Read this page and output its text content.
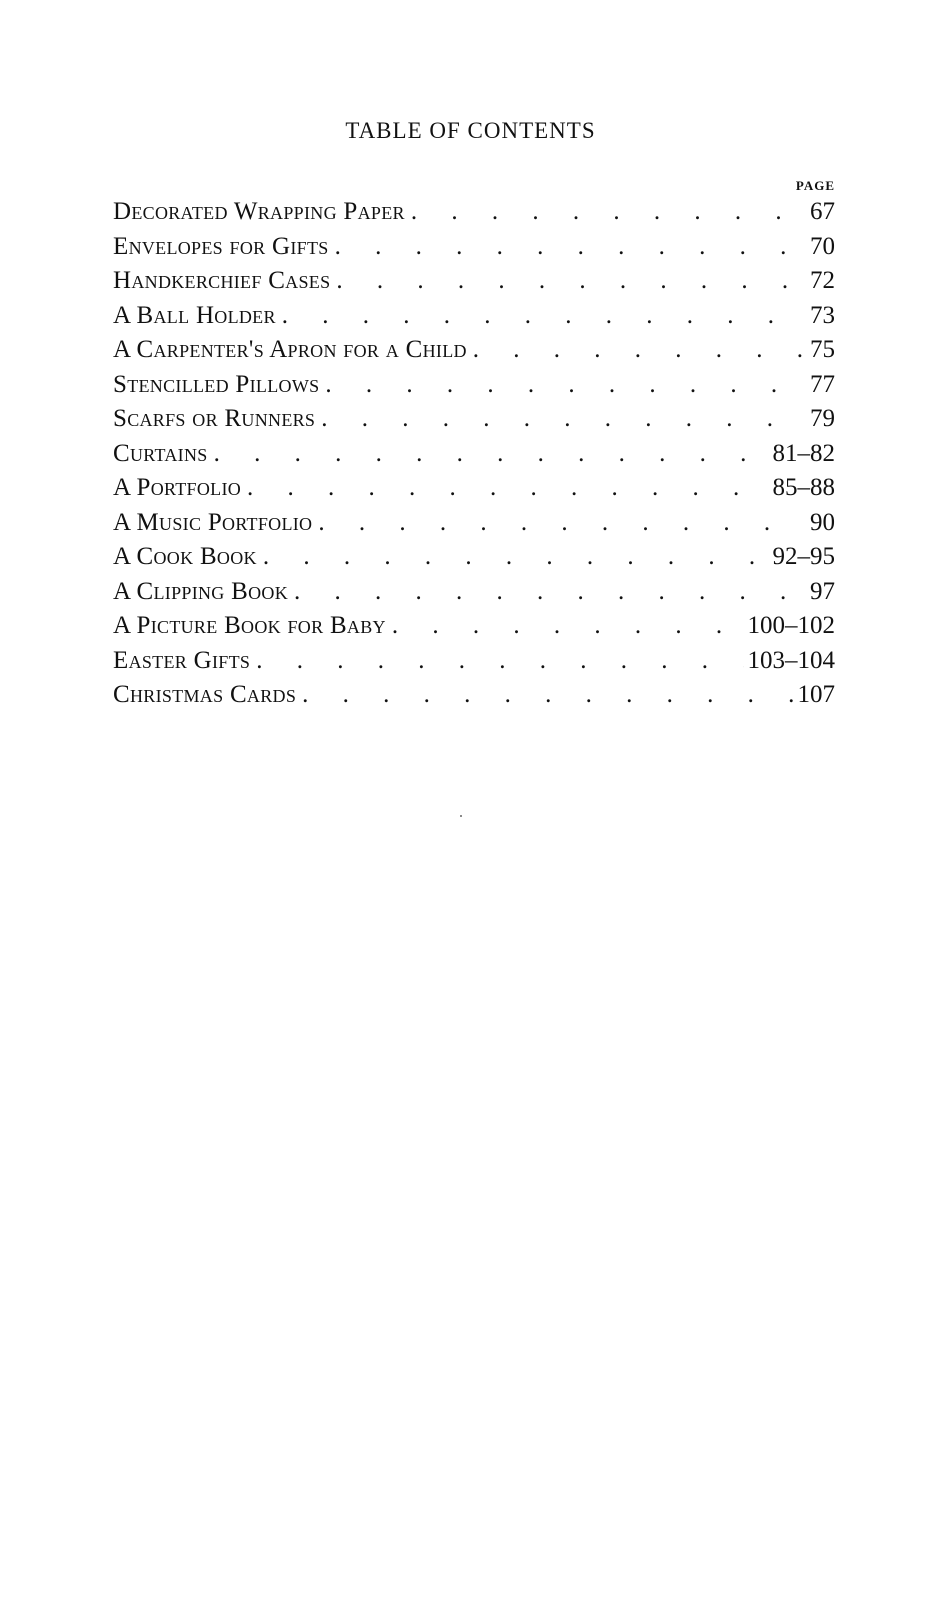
TABLE OF CONTENTS
PAGE
Decorated Wrapping Paper . . .	67
Envelopes for Gifts . . .	70
Handkerchief Cases . . .	72
A Ball Holder . . .	73
A Carpenter's Apron for a Child . . .	75
Stencilled Pillows . . .	77
Scarfs or Runners . . .	79
Curtains . . .	81–82
A Portfolio . . .	85–88
A Music Portfolio . . .	90
A Cook Book . . .	92–95
A Clipping Book . . .	97
A Picture Book for Baby . . .	100–102
Easter Gifts . . .	103–104
Christmas Cards . . .	107
